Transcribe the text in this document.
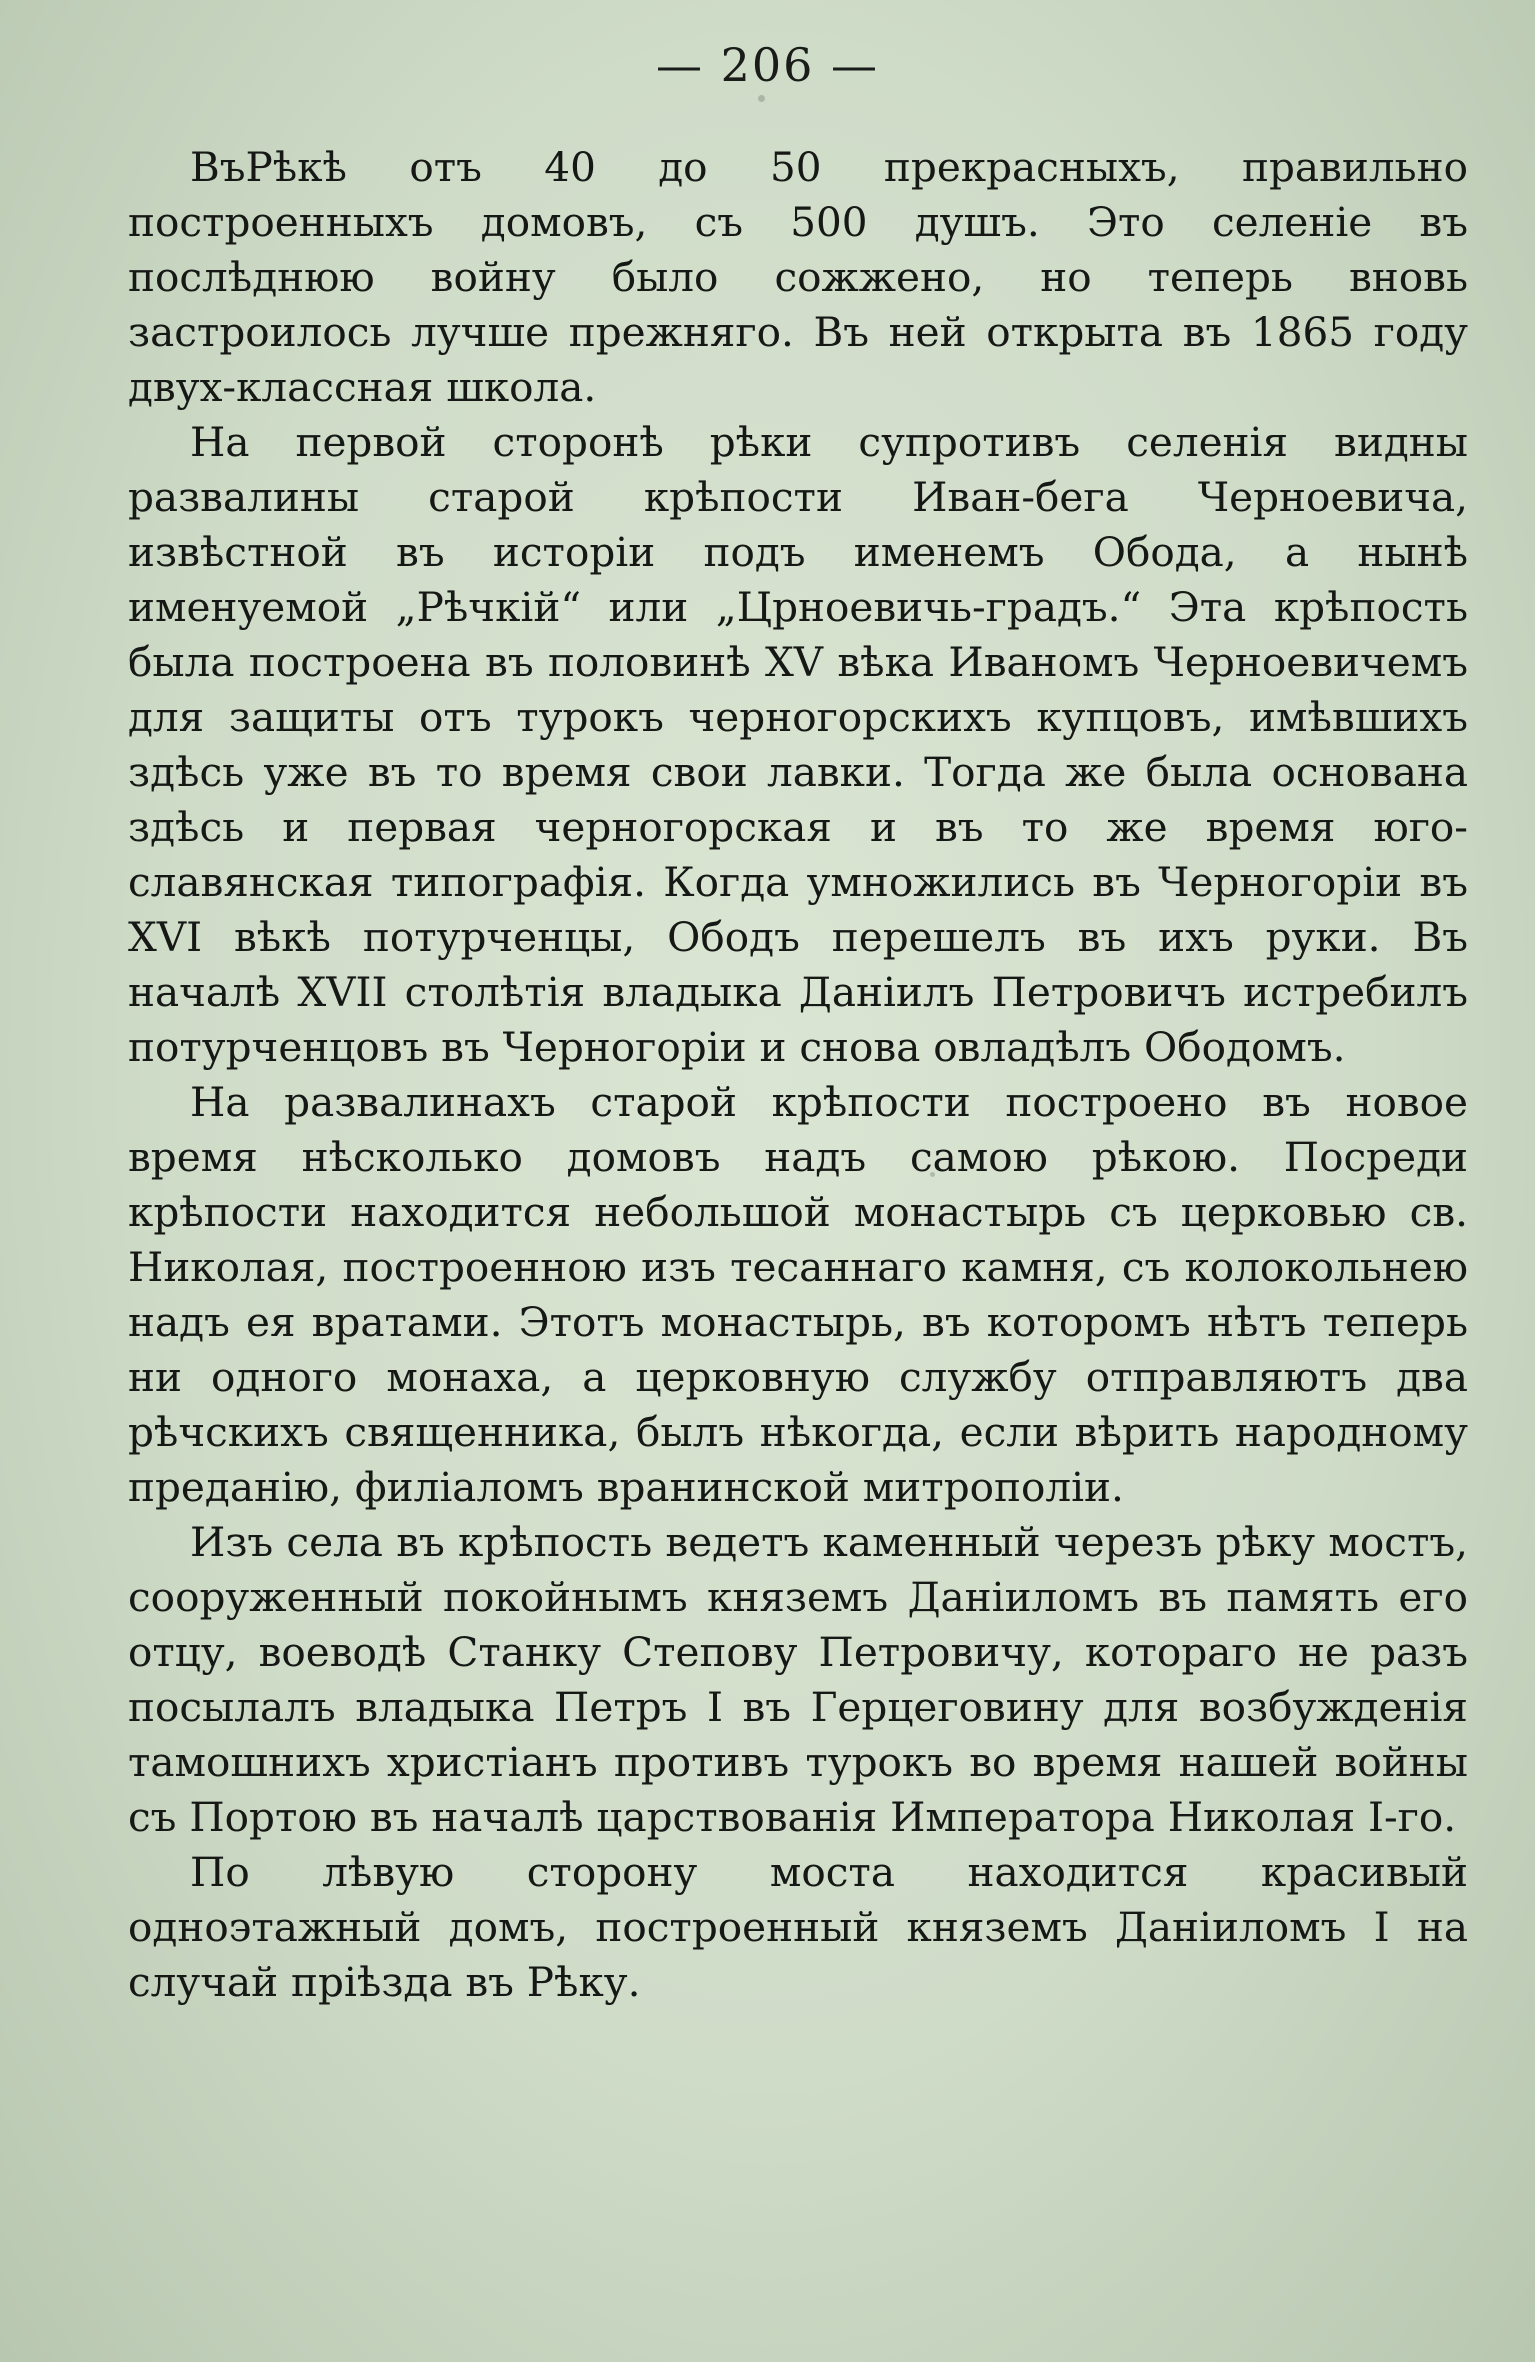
— 206 —

ВъРѣкѣ отъ 40 до 50 прекрасныхъ, правильно построенныхъ домовъ, съ 500 душъ. Это селеніе въ послѣднюю войну было сожжено, но теперь вновь застроилось лучше прежняго. Въ ней открыта въ 1865 году двух-классная школа.

На первой сторонѣ рѣки супротивъ селенія видны развалины старой крѣпости Иван-бега Черноевича, извѣстной въ исторіи подъ именемъ Ободa, а нынѣ именуемой „Рѣчкій“ или „Црноевичь-градъ.“ Эта крѣпость была построена въ половинѣ XV вѣка Иваномъ Черноевичемъ для защиты отъ турокъ черногорскихъ купцовъ, имѣвшихъ здѣсь уже въ то время свои лавки. Тогда же была основана здѣсь и первая черногорская и въ то же время юго-славянская типографія. Когда умножились въ Черногоріи въ XVI вѣкѣ потурченцы, Ободъ перешелъ въ ихъ руки. Въ началѣ XVII столѣтія владыка Даніилъ Петровичъ истребилъ потурченцовъ въ Черногоріи и снова овладѣлъ Ободомъ.

На развалинахъ старой крѣпости построено въ новое время нѣсколько домовъ надъ самою рѣкою. Посреди крѣпости находится небольшой монастырь съ церковью св. Николая, построенною изъ тесаннаго камня, съ колокольнею надъ ея вратами. Этотъ монастырь, въ которомъ нѣтъ теперь ни одного монаха, а церковную службу отправляютъ два рѣчскихъ священника, былъ нѣкогда, если вѣрить народному преданію, филіаломъ вранинской митрополіи.

Изъ села въ крѣпость ведетъ каменный черезъ рѣку мостъ, сооруженный покойнымъ княземъ Даніиломъ въ память его отцу, воеводѣ Станку Степову Петровичу, котораго не разъ посылалъ владыка Петръ I въ Герцеговину для возбужденія тамошнихъ христіанъ противъ турокъ во время нашей войны съ Портою въ началѣ царствованія Императора Николая I-го.

По лѣвую сторону моста находится красивый одноэтажный домъ, построенный княземъ Даніиломъ I на случай пріѣзда въ Рѣку.
